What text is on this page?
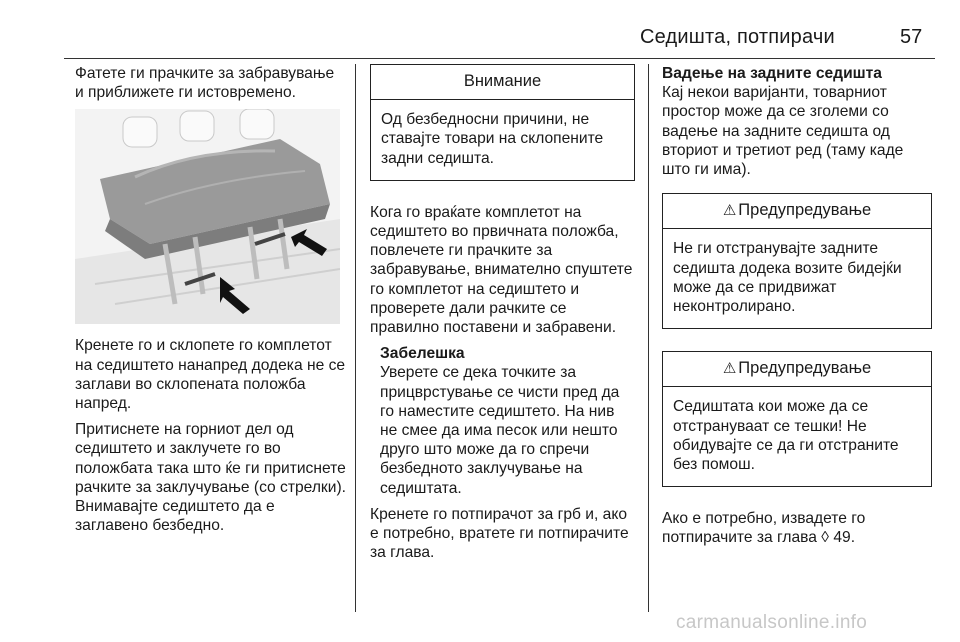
Седишта, потпирачи	57

Фатете ги прачките за забравување и приближете ги истовремено.

Кренете го и склопете го комплетот на седиштето нанапред додека не се заглави во склопената положба напред.

Притиснете на горниот дел од седиштето и заклучете го во положбата така што ќе ги притиснете рачките за заклучување (со стрелки). Внимавајте седиштето да е заглавено безбедно.

Внимание
Од безбедносни причини, не ставајте товари на склопените задни седишта.

Кога го враќате комплетот на седиштето во првичната положба, повлечете ги прачките за забравување, внимателно спуштете го комплетот на седиштето и проверете дали рачките се правилно поставени и забравени.

Забелешка
Уверете се дека точките за прицврстување се чисти пред да го наместите седиштето. На нив не смее да има песок или нешто друго што може да го спречи безбедното заклучување на седиштата.

Кренете го потпирачот за грб и, ако е потребно, вратете ги потпирачите за глава.

Вадење на задните седишта

Кај некои варијанти, товарниот простор може да се зголеми со вадење на задните седишта од вториот и третиот ред (таму каде што ги има).

⚠ Предупредување
Не ги отстранувајте задните седишта додека возите бидејќи може да се придвижат неконтролирано.
⚠ Предупредување
Седиштата кои може да се отстрануваат се тешки! Не обидувајте се да ги отстраните без помош.

Ако е потребно, извадете го потпирачите за глава ◊ 49.

carmanualsonline.info
